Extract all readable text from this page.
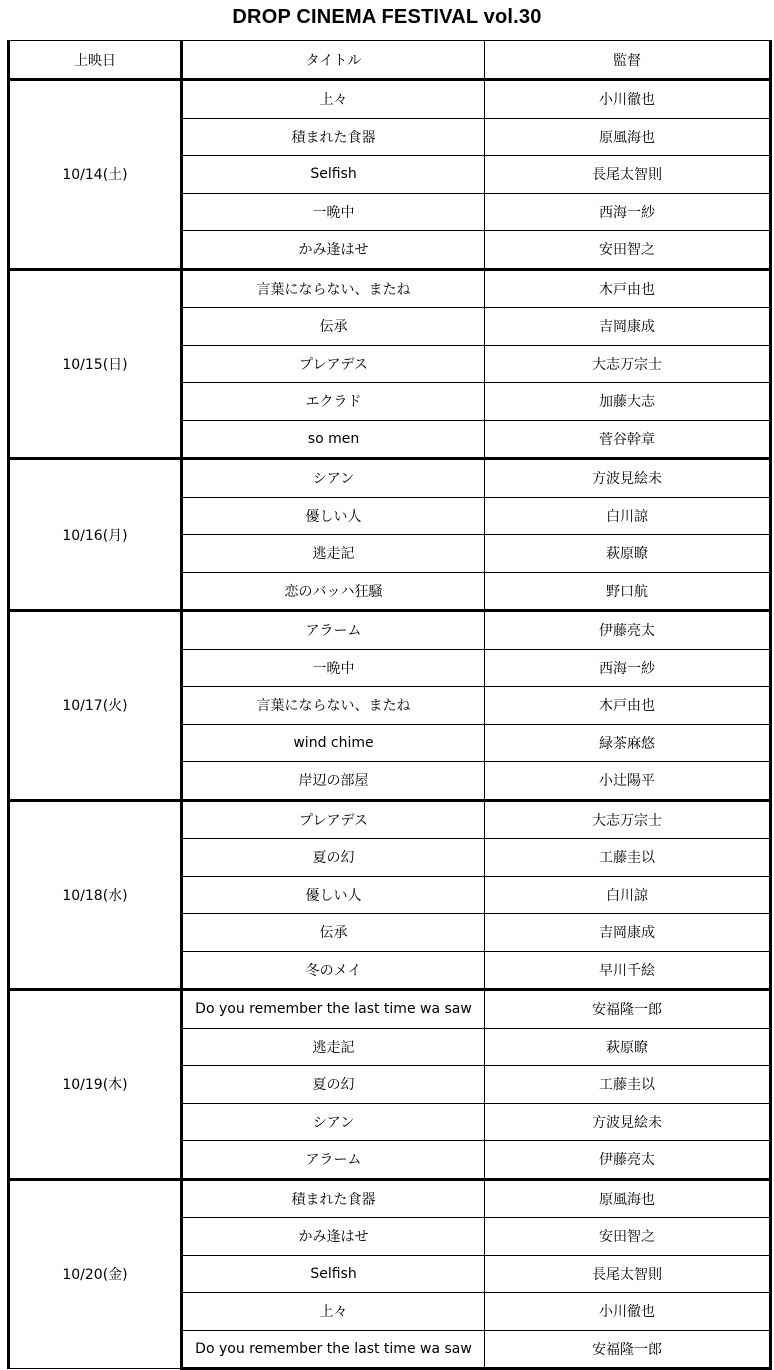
DROP CINEMA FESTIVAL vol.30
上映日	タイトル	監督
10/14(土)	上々	小川徹也
	積まれた食器	原風海也
	Selfish	長尾太智則
	一晩中	西海一紗
	かみ逢はせ	安田智之
10/15(日)	言葉にならない、またね	木戸由也
	伝承	吉岡康成
	プレアデス	大志万宗士
	エクラド	加藤大志
	so men	菅谷幹章
10/16(月)	シアン	方波見絵未
	優しい人	白川諒
	逃走記	萩原瞭
	恋のバッハ狂騒	野口航
10/17(火)	アラーム	伊藤亮太
	一晩中	西海一紗
	言葉にならない、またね	木戸由也
	wind chime	緑茶麻悠
	岸辺の部屋	小辻陽平
10/18(水)	プレアデス	大志万宗士
	夏の幻	工藤圭以
	優しい人	白川諒
	伝承	吉岡康成
	冬のメイ	早川千絵
10/19(木)	Do you remember the last time wa saw	安福隆一郎
	逃走記	萩原瞭
	夏の幻	工藤圭以
	シアン	方波見絵未
	アラーム	伊藤亮太
10/20(金)	積まれた食器	原風海也
	かみ逢はせ	安田智之
	Selfish	長尾太智則
	上々	小川徹也
	Do you remember the last time wa saw	安福隆一郎
